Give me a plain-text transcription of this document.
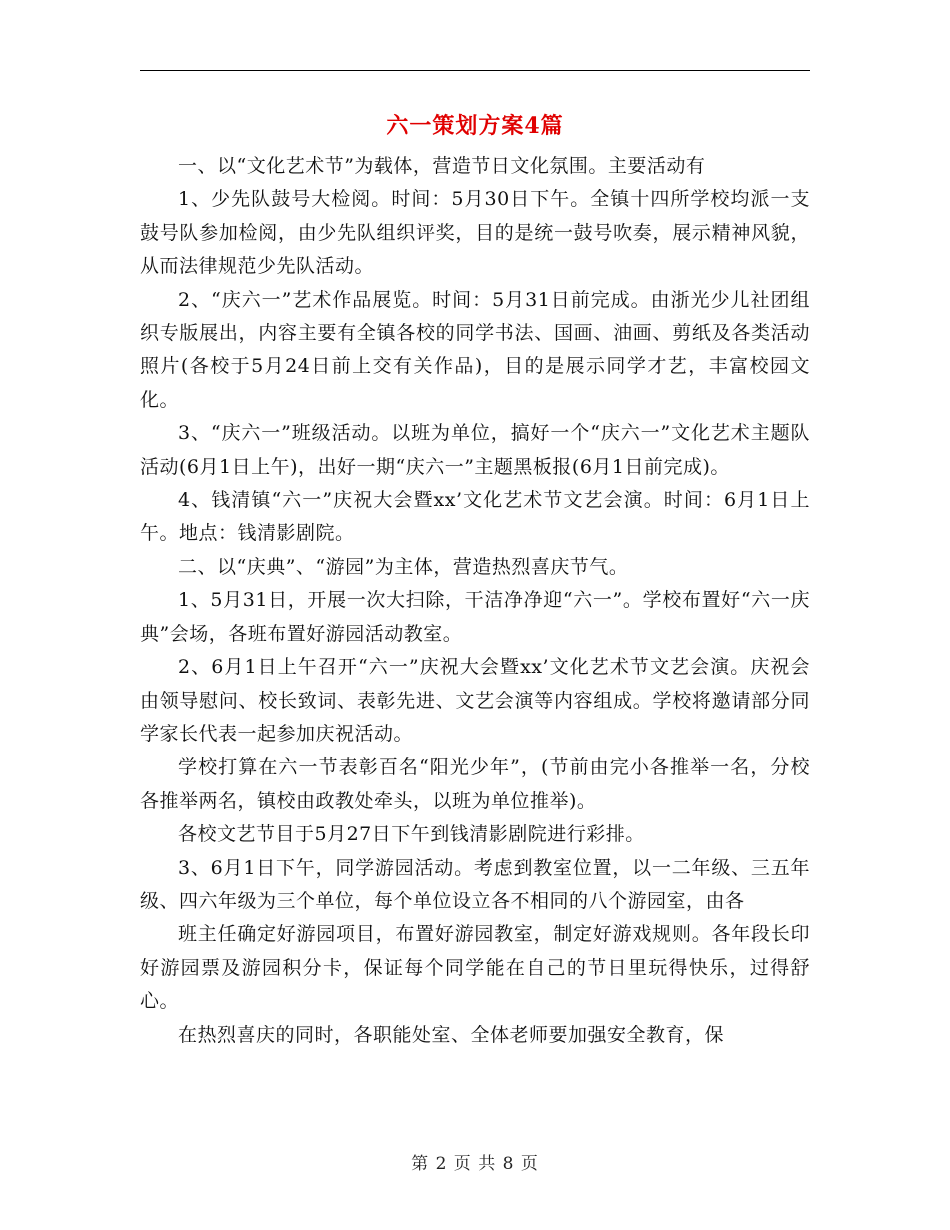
六一策划方案4篇

一、以“文化艺术节”为载体，营造节日文化氛围。主要活动有

1、少先队鼓号大检阅。时间：5月30日下午。全镇十四所学校均派一支鼓号队参加检阅，由少先队组织评奖，目的是统一鼓号吹奏，展示精神风貌，从而法律规范少先队活动。

2、“庆六一”艺术作品展览。时间：5月31日前完成。由浙光少儿社团组织专版展出，内容主要有全镇各校的同学书法、国画、油画、剪纸及各类活动照片(各校于5月24日前上交有关作品)，目的是展示同学才艺，丰富校园文化。

3、“庆六一”班级活动。以班为单位，搞好一个“庆六一”文化艺术主题队活动(6月1日上午)，出好一期“庆六一”主题黑板报(6月1日前完成)。

4、钱清镇“六一”庆祝大会暨xx’文化艺术节文艺会演。时间：6月1日上午。地点：钱清影剧院。

二、以“庆典”、“游园”为主体，营造热烈喜庆节气。

1、5月31日，开展一次大扫除，干洁净净迎“六一”。学校布置好“六一庆典”会场，各班布置好游园活动教室。

2、6月1日上午召开“六一”庆祝大会暨xx’文化艺术节文艺会演。庆祝会由领导慰问、校长致词、表彰先进、文艺会演等内容组成。学校将邀请部分同学家长代表一起参加庆祝活动。

学校打算在六一节表彰百名“阳光少年”，(节前由完小各推举一名，分校各推举两名，镇校由政教处牵头，以班为单位推举)。

各校文艺节目于5月27日下午到钱清影剧院进行彩排。

3、6月1日下午，同学游园活动。考虑到教室位置，以一二年级、三五年级、四六年级为三个单位，每个单位设立各不相同的八个游园室，由各

班主任确定好游园项目，布置好游园教室，制定好游戏规则。各年段长印好游园票及游园积分卡，保证每个同学能在自己的节日里玩得快乐，过得舒心。

在热烈喜庆的同时，各职能处室、全体老师要加强安全教育，保

第 2 页 共 8 页
